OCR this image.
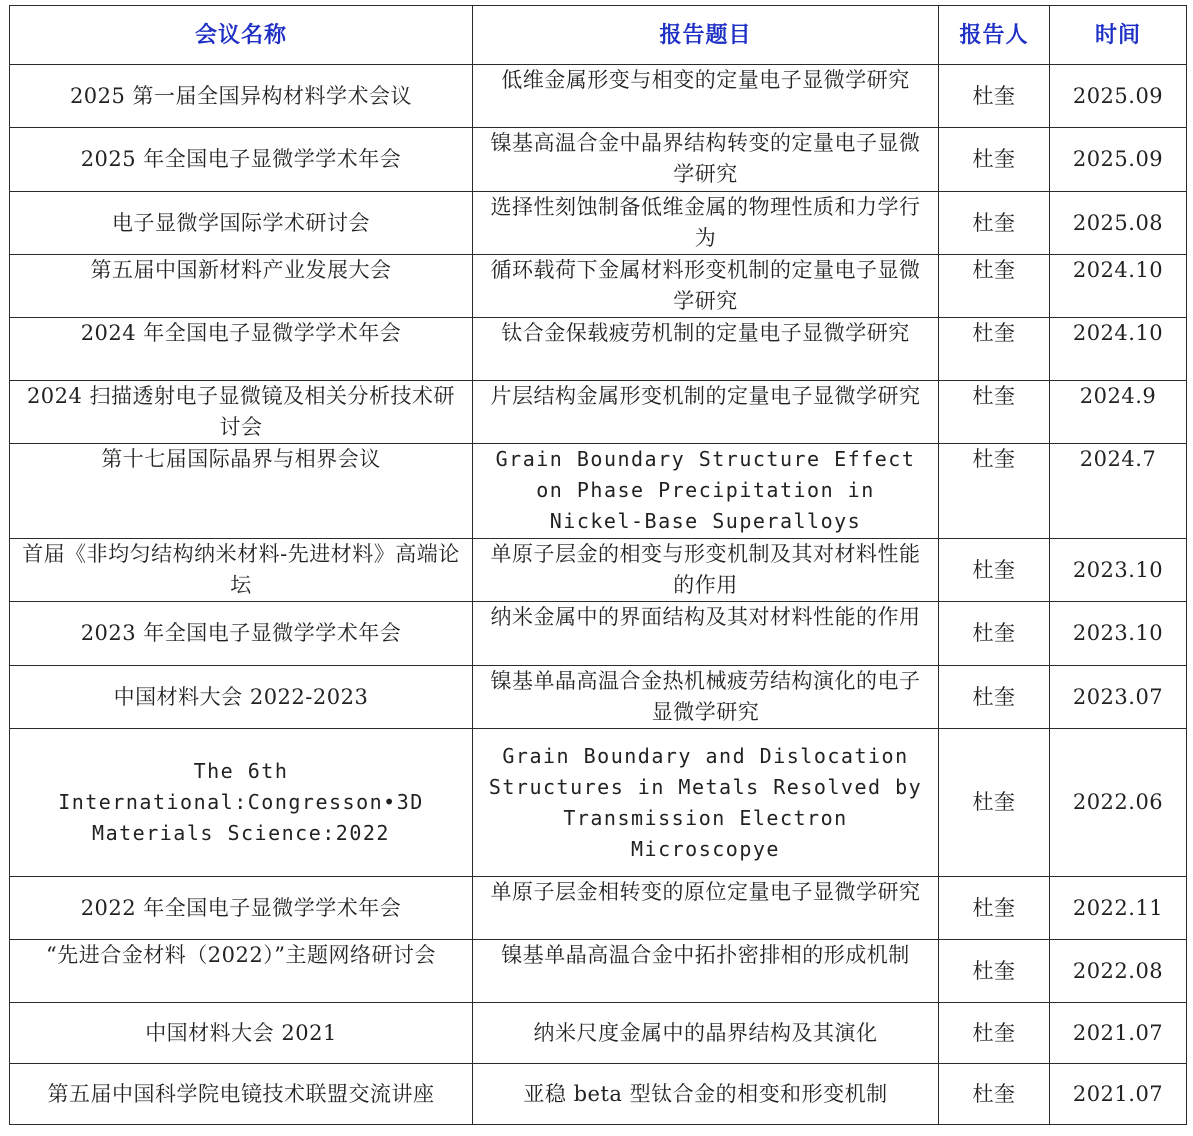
会议名称	报告题目	报告人	时间
2025 第一届全国异构材料学术会议	低维金属形变与相变的定量电子显微学研究	杜奎	2025.09
2025 年全国电子显微学学术年会	镍基高温合金中晶界结构转变的定量电子显微学研究	杜奎	2025.09
电子显微学国际学术研讨会	选择性刻蚀制备低维金属的物理性质和力学行为	杜奎	2025.08
第五届中国新材料产业发展大会	循环载荷下金属材料形变机制的定量电子显微学研究	杜奎	2024.10
2024 年全国电子显微学学术年会	钛合金保载疲劳机制的定量电子显微学研究	杜奎	2024.10
2024 扫描透射电子显微镜及相关分析技术研讨会	片层结构金属形变机制的定量电子显微学研究	杜奎	2024.9
第十七届国际晶界与相界会议	Grain Boundary Structure Effect on Phase Precipitation in Nickel-Base Superalloys	杜奎	2024.7
首届《非均匀结构纳米材料-先进材料》高端论坛	单原子层金的相变与形变机制及其对材料性能的作用	杜奎	2023.10
2023 年全国电子显微学学术年会	纳米金属中的界面结构及其对材料性能的作用	杜奎	2023.10
中国材料大会 2022-2023	镍基单晶高温合金热机械疲劳结构演化的电子显微学研究	杜奎	2023.07
The 6th International:Congresson•3D Materials Science:2022	Grain Boundary and Dislocation Structures in Metals Resolved by Transmission Electron Microscopye	杜奎	2022.06
2022 年全国电子显微学学术年会	单原子层金相转变的原位定量电子显微学研究	杜奎	2022.11
“先进合金材料（2022）”主题网络研讨会	镍基单晶高温合金中拓扑密排相的形成机制	杜奎	2022.08
中国材料大会 2021	纳米尺度金属中的晶界结构及其演化	杜奎	2021.07
第五届中国科学院电镜技术联盟交流讲座	亚稳 beta 型钛合金的相变和形变机制	杜奎	2021.07
